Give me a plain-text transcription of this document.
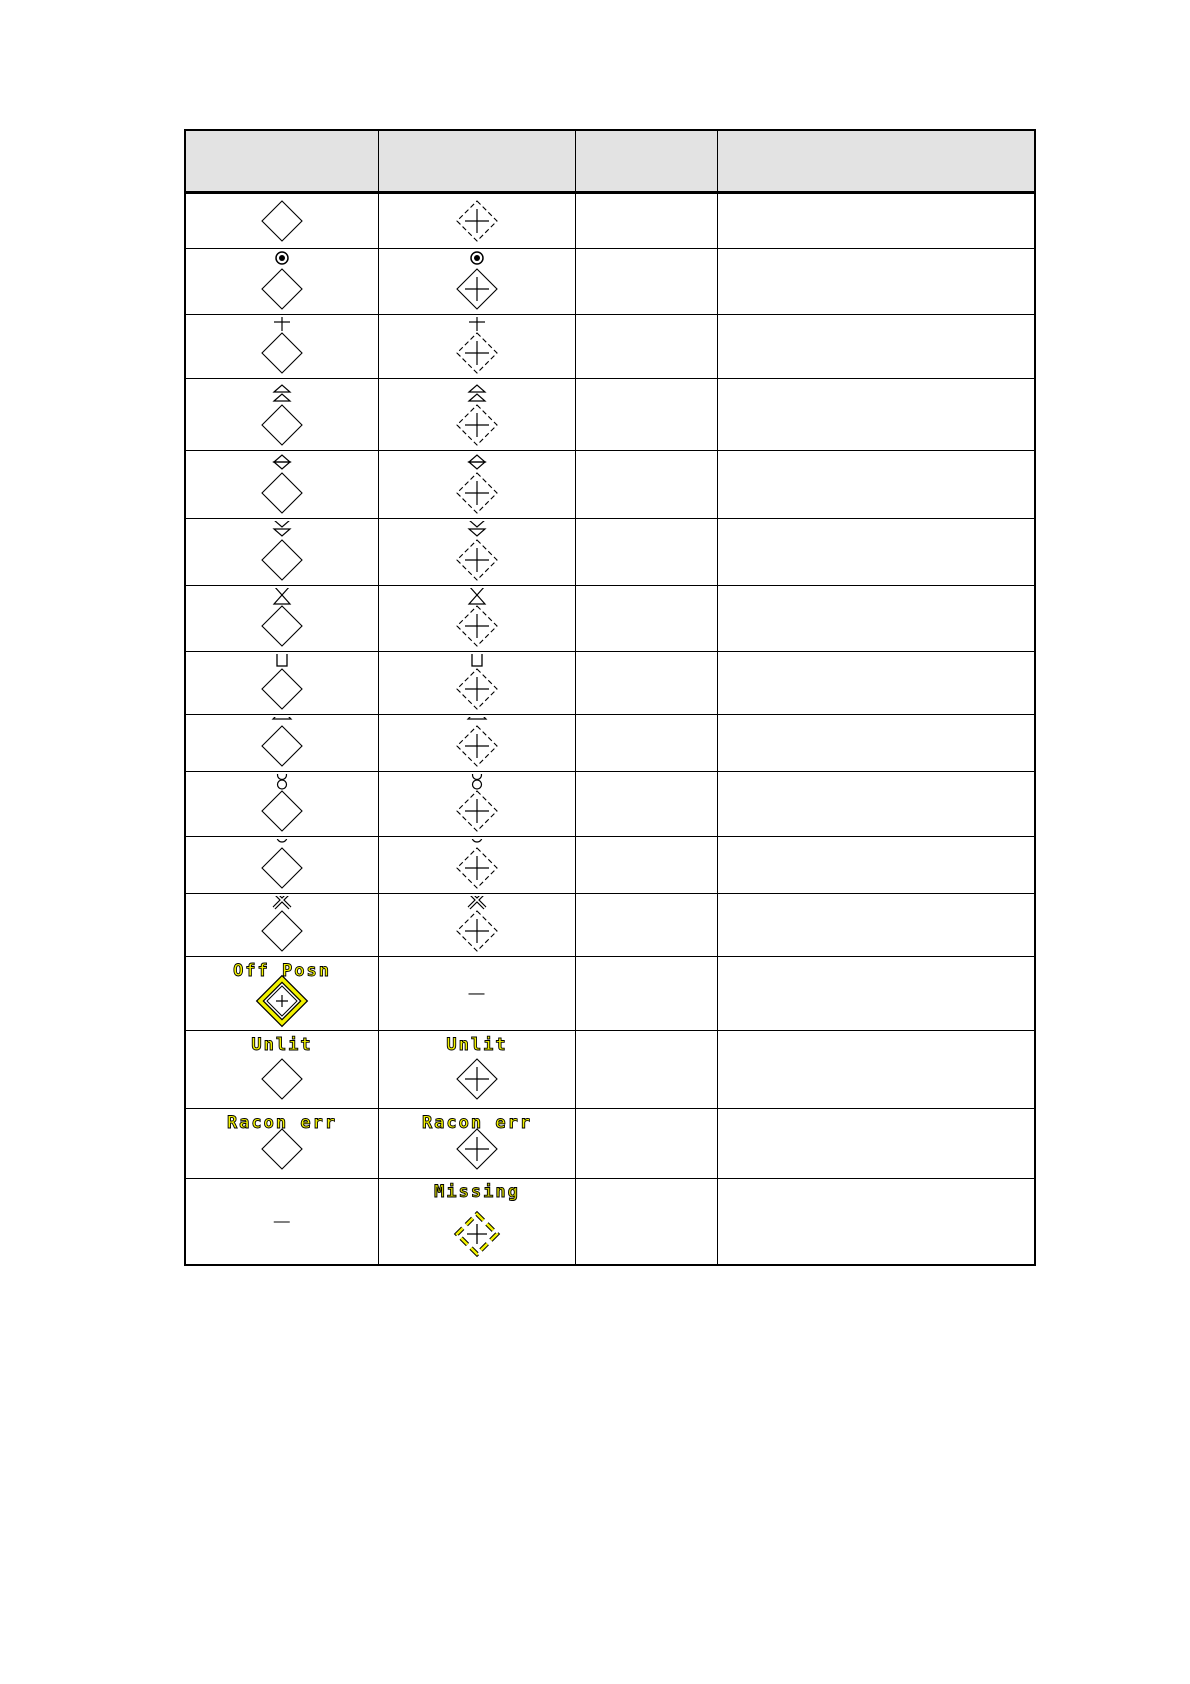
Off Posn	—		

Unlit	Unlit		

Racon err	Racon err		

—	Missing		
